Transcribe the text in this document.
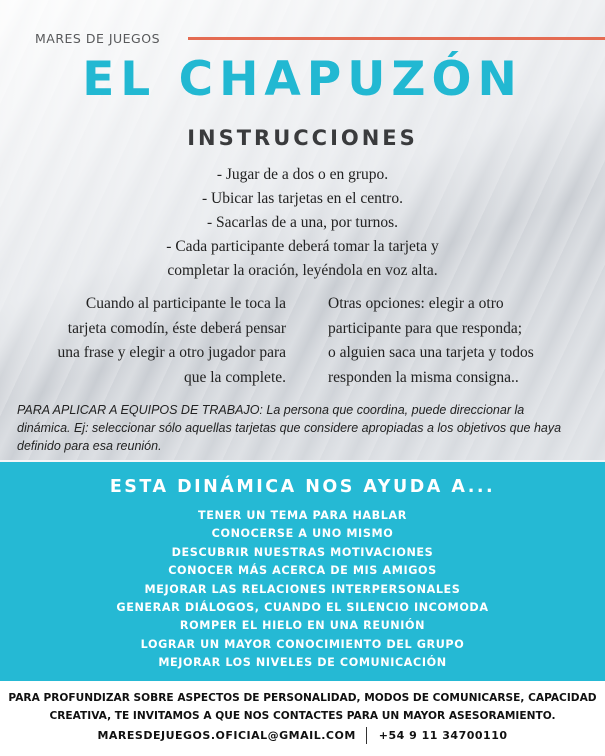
MARES DE JUEGOS
EL CHAPUZÓN
INSTRUCCIONES
- Jugar de a dos o en grupo.
- Ubicar las tarjetas en el centro.
- Sacarlas de a una, por turnos.
- Cada participante deberá tomar la tarjeta y
completar la oración, leyéndola en voz alta.
Cuando al participante le toca la
tarjeta comodín, éste deberá pensar
una frase y elegir a otro jugador para
que la complete.
Otras opciones: elegir a otro
participante para que responda;
o alguien saca una tarjeta y todos
responden la misma consigna..
PARA APLICAR A EQUIPOS DE TRABAJO: La persona que coordina, puede direccionar la dinámica. Ej: seleccionar sólo aquellas tarjetas que considere apropiadas a los objetivos que haya definido para esa reunión.
ESTA DINÁMICA NOS AYUDA A...
TENER UN TEMA PARA HABLAR
CONOCERSE A UNO MISMO
DESCUBRIR NUESTRAS MOTIVACIONES
CONOCER MÁS ACERCA DE MIS AMIGOS
MEJORAR LAS RELACIONES INTERPERSONALES
GENERAR DIÁLOGOS, CUANDO EL SILENCIO INCOMODA
ROMPER EL HIELO EN UNA REUNIÓN
LOGRAR UN MAYOR CONOCIMIENTO DEL GRUPO
MEJORAR LOS NIVELES DE COMUNICACIÓN
PARA PROFUNDIZAR SOBRE ASPECTOS DE PERSONALIDAD, MODOS DE COMUNICARSE, CAPACIDAD
CREATIVA, TE INVITAMOS A QUE NOS CONTACTES PARA UN MAYOR ASESORAMIENTO.
MARESDEJUEGOS.OFICIAL@GMAIL.COM +54 9 11 34700110
